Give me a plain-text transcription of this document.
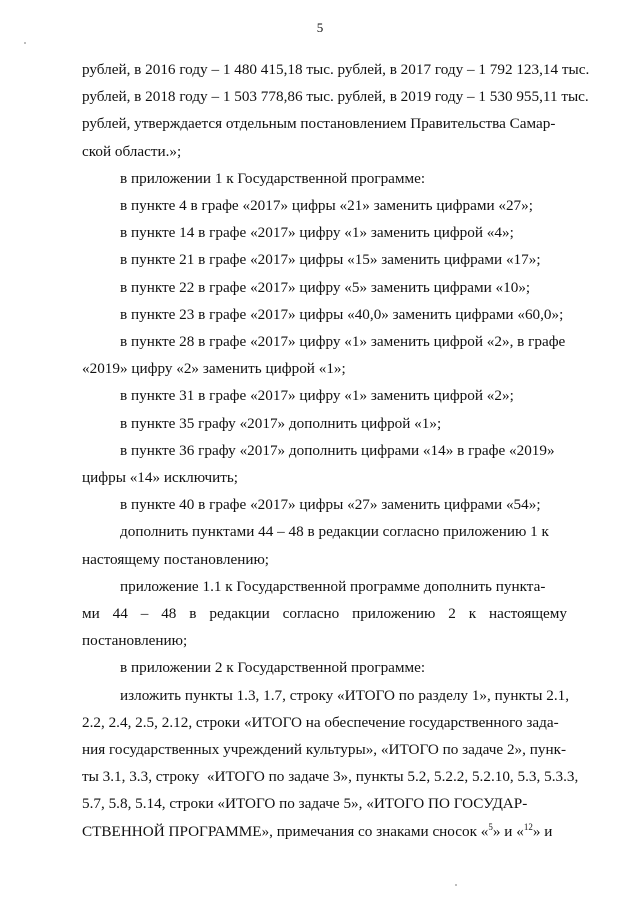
5
рублей, в 2016 году – 1 480 415,18 тыс. рублей, в 2017 году – 1 792 123,14 тыс.
рублей, в 2018 году – 1 503 778,86 тыс. рублей, в 2019 году – 1 530 955,11 тыс.
рублей, утверждается отдельным постановлением Правительства Самар-
ской области.»;
в приложении 1 к Государственной программе:
в пункте 4 в графе «2017» цифры «21» заменить цифрами «27»;
в пункте 14 в графе «2017» цифру «1» заменить цифрой «4»;
в пункте 21 в графе «2017» цифры «15» заменить цифрами «17»;
в пункте 22 в графе «2017» цифру «5» заменить цифрами «10»;
в пункте 23 в графе «2017» цифры «40,0» заменить цифрами «60,0»;
в пункте 28 в графе «2017» цифру «1» заменить цифрой «2», в графе
«2019» цифру «2» заменить цифрой «1»;
в пункте 31 в графе «2017» цифру «1» заменить цифрой «2»;
в пункте 35 графу «2017» дополнить цифрой «1»;
в пункте 36 графу «2017» дополнить цифрами «14» в графе «2019»
цифры «14» исключить;
в пункте 40 в графе «2017» цифры «27» заменить цифрами «54»;
дополнить пунктами 44 – 48 в редакции согласно приложению 1 к
настоящему постановлению;
приложение 1.1 к Государственной программе дополнить пункта-
ми 44 – 48 в редакции согласно приложению 2 к настоящему постановлению;
в приложении 2 к Государственной программе:
изложить пункты 1.3, 1.7, строку «ИТОГО по разделу 1», пункты 2.1,
2.2, 2.4, 2.5, 2.12, строки «ИТОГО на обеспечение государственного зада-
ния государственных учреждений культуры», «ИТОГО по задаче 2», пунк-
ты 3.1, 3.3, строку  «ИТОГО по задаче 3», пункты 5.2, 5.2.2, 5.2.10, 5.3, 5.3.3,
5.7, 5.8, 5.14, строки «ИТОГО по задаче 5», «ИТОГО ПО ГОСУДАР-
СТВЕННОЙ ПРОГРАММЕ», примечания со знаками сносок «$^5$» и «$^{12}$» и
